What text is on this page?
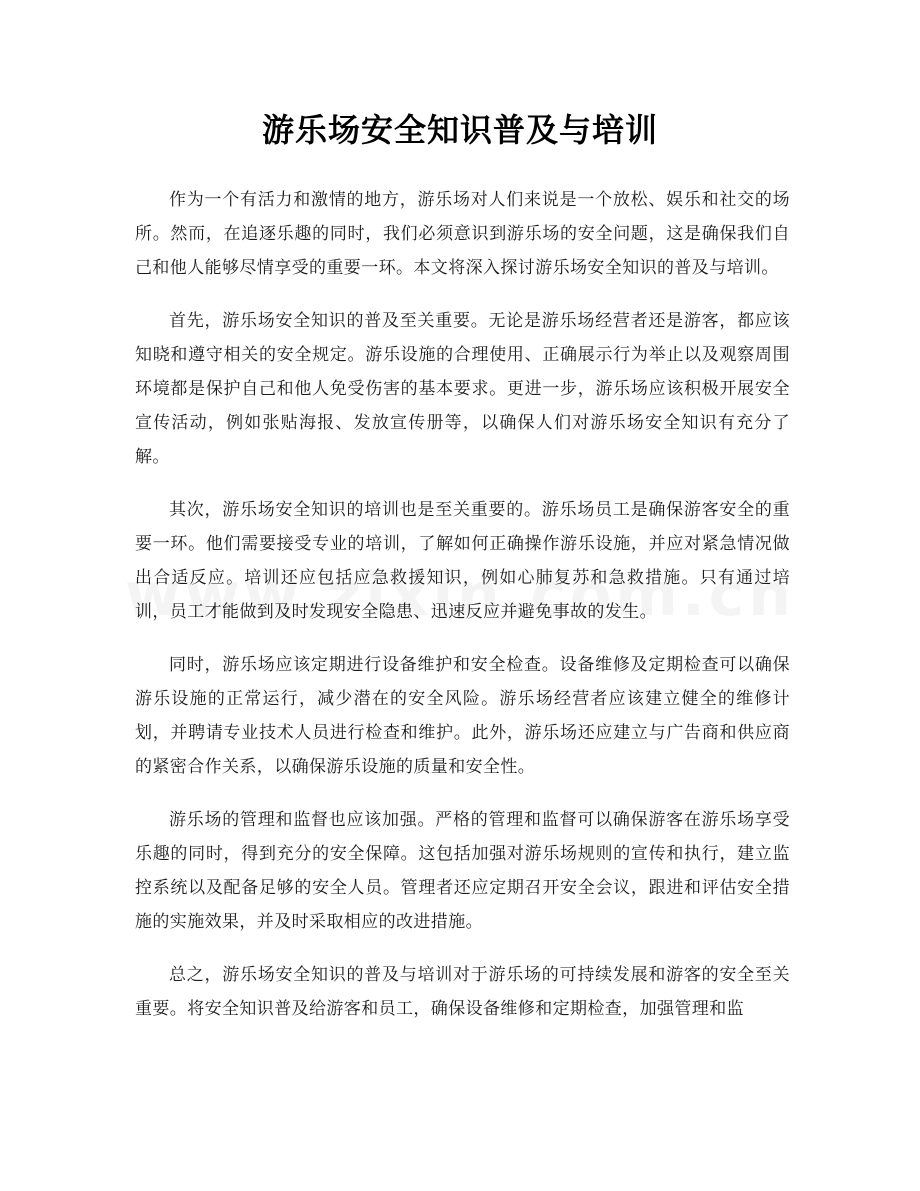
游乐场安全知识普及与培训

作为一个有活力和激情的地方，游乐场对人们来说是一个放松、娱乐和社交的场所。然而，在追逐乐趣的同时，我们必须意识到游乐场的安全问题，这是确保我们自己和他人能够尽情享受的重要一环。本文将深入探讨游乐场安全知识的普及与培训。

首先，游乐场安全知识的普及至关重要。无论是游乐场经营者还是游客，都应该知晓和遵守相关的安全规定。游乐设施的合理使用、正确展示行为举止以及观察周围环境都是保护自己和他人免受伤害的基本要求。更进一步，游乐场应该积极开展安全宣传活动，例如张贴海报、发放宣传册等，以确保人们对游乐场安全知识有充分了解。

其次，游乐场安全知识的培训也是至关重要的。游乐场员工是确保游客安全的重要一环。他们需要接受专业的培训，了解如何正确操作游乐设施，并应对紧急情况做出合适反应。培训还应包括应急救援知识，例如心肺复苏和急救措施。只有通过培训，员工才能做到及时发现安全隐患、迅速反应并避免事故的发生。

同时，游乐场应该定期进行设备维护和安全检查。设备维修及定期检查可以确保游乐设施的正常运行，减少潜在的安全风险。游乐场经营者应该建立健全的维修计划，并聘请专业技术人员进行检查和维护。此外，游乐场还应建立与广告商和供应商的紧密合作关系，以确保游乐设施的质量和安全性。

游乐场的管理和监督也应该加强。严格的管理和监督可以确保游客在游乐场享受乐趣的同时，得到充分的安全保障。这包括加强对游乐场规则的宣传和执行，建立监控系统以及配备足够的安全人员。管理者还应定期召开安全会议，跟进和评估安全措施的实施效果，并及时采取相应的改进措施。

总之，游乐场安全知识的普及与培训对于游乐场的可持续发展和游客的安全至关重要。将安全知识普及给游客和员工，确保设备维修和定期检查，加强管理和监
